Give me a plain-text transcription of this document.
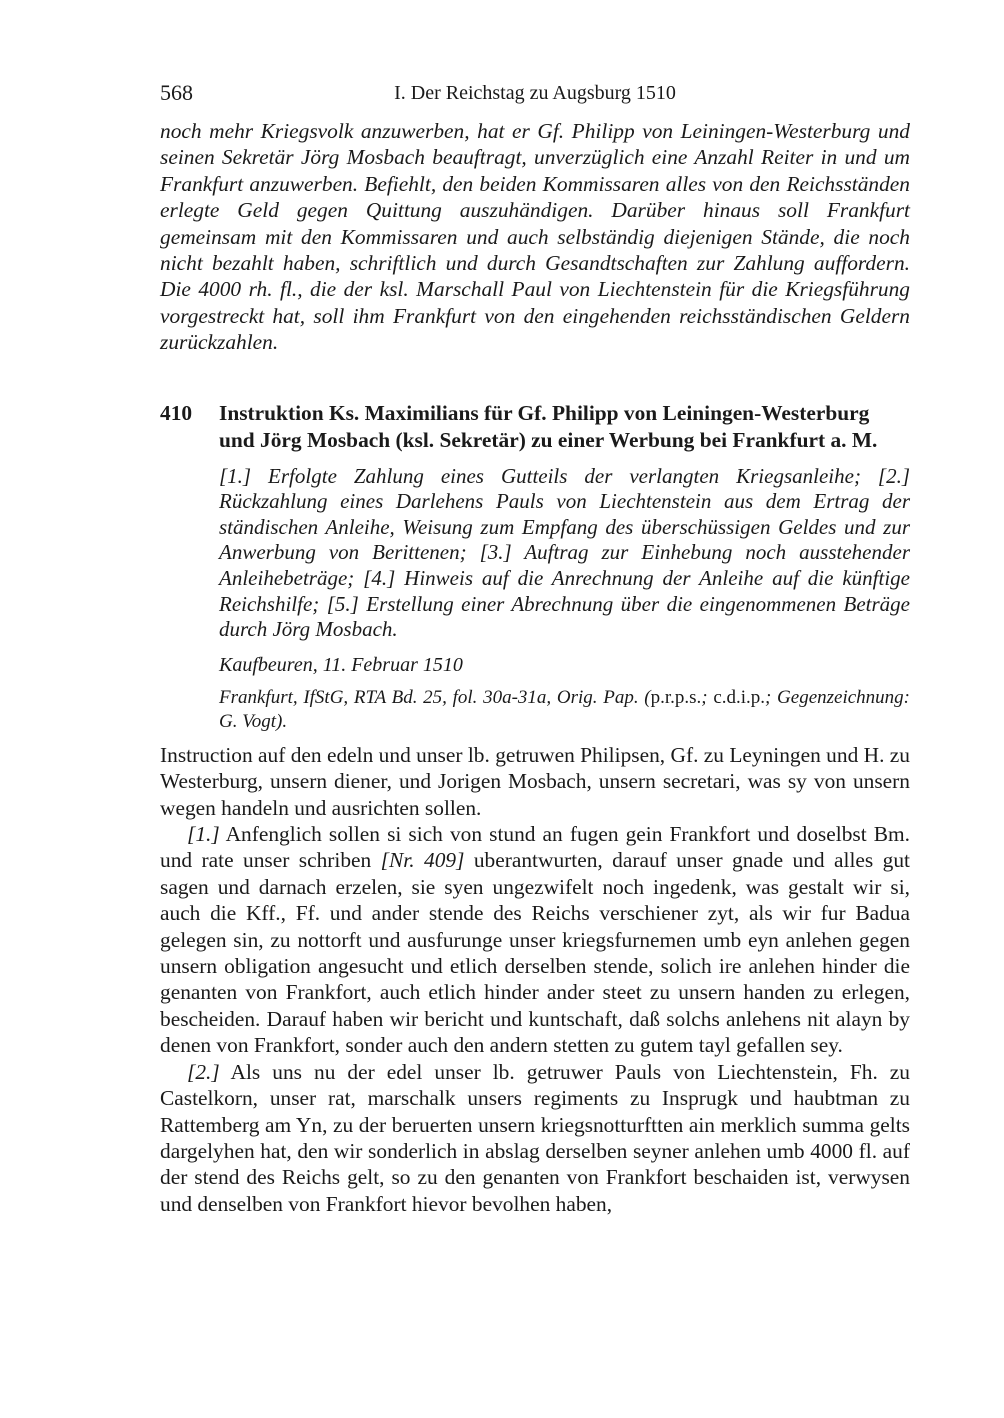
568	I. Der Reichstag zu Augsburg 1510

noch mehr Kriegsvolk anzuwerben, hat er Gf. Philipp von Leiningen-Westerburg und seinen Sekretär Jörg Mosbach beauftragt, unverzüglich eine Anzahl Reiter in und um Frankfurt anzuwerben. Befiehlt, den beiden Kommissaren alles von den Reichsständen erlegte Geld gegen Quittung auszuhändigen. Darüber hinaus soll Frankfurt gemeinsam mit den Kommissaren und auch selbständig diejenigen Stände, die noch nicht bezahlt haben, schriftlich und durch Gesandtschaften zur Zahlung auffordern. Die 4000 rh. fl., die der ksl. Marschall Paul von Liechtenstein für die Kriegsführung vorgestreckt hat, soll ihm Frankfurt von den eingehenden reichsständischen Geldern zurückzahlen.

410 Instruktion Ks. Maximilians für Gf. Philipp von Leiningen-Westerburg und Jörg Mosbach (ksl. Sekretär) zu einer Werbung bei Frankfurt a. M.

[1.] Erfolgte Zahlung eines Gutteils der verlangten Kriegsanleihe; [2.] Rückzahlung eines Darlehens Pauls von Liechtenstein aus dem Ertrag der ständischen Anleihe, Weisung zum Empfang des überschüssigen Geldes und zur Anwerbung von Berittenen; [3.] Auftrag zur Einhebung noch ausstehender Anleihebeträge; [4.] Hinweis auf die Anrechnung der Anleihe auf die künftige Reichshilfe; [5.] Erstellung einer Abrechnung über die eingenommenen Beträge durch Jörg Mosbach.

Kaufbeuren, 11. Februar 1510

Frankfurt, IfStG, RTA Bd. 25, fol. 30a-31a, Orig. Pap. (p.r.p.s.; c.d.i.p.; Gegenzeichnung: G. Vogt).

Instruction auf den edeln und unser lb. getruwen Philipsen, Gf. zu Leyningen und H. zu Westerburg, unsern diener, und Jorigen Mosbach, unsern secretari, was sy von unsern wegen handeln und ausrichten sollen.

[1.] Anfenglich sollen si sich von stund an fugen gein Frankfort und doselbst Bm. und rate unser schriben [Nr. 409] uberantwurten, darauf unser gnade und alles gut sagen und darnach erzelen, sie syen ungezwifelt noch ingedenk, was gestalt wir si, auch die Kff., Ff. und ander stende des Reichs verschiener zyt, als wir fur Badua gelegen sin, zu nottorft und ausfurunge unser kriegsfurnemen umb eyn anlehen gegen unsern obligation angesucht und etlich derselben stende, solich ire anlehen hinder die genanten von Frankfort, auch etlich hinder ander steet zu unsern handen zu erlegen, bescheiden. Darauf haben wir bericht und kuntschaft, daß solchs anlehens nit alayn by denen von Frankfort, sonder auch den andern stetten zu gutem tayl gefallen sey.

[2.] Als uns nu der edel unser lb. getruwer Pauls von Liechtenstein, Fh. zu Castelkorn, unser rat, marschalk unsers regiments zu Insprugk und haubtman zu Rattemberg am Yn, zu der beruerten unsern kriegsnotturftten ain merklich summa gelts dargelyhen hat, den wir sonderlich in abslag derselben seyner anlehen umb 4000 fl. auf der stend des Reichs gelt, so zu den genanten von Frankfort beschaiden ist, verwysen und denselben von Frankfort hievor bevolhen haben,
